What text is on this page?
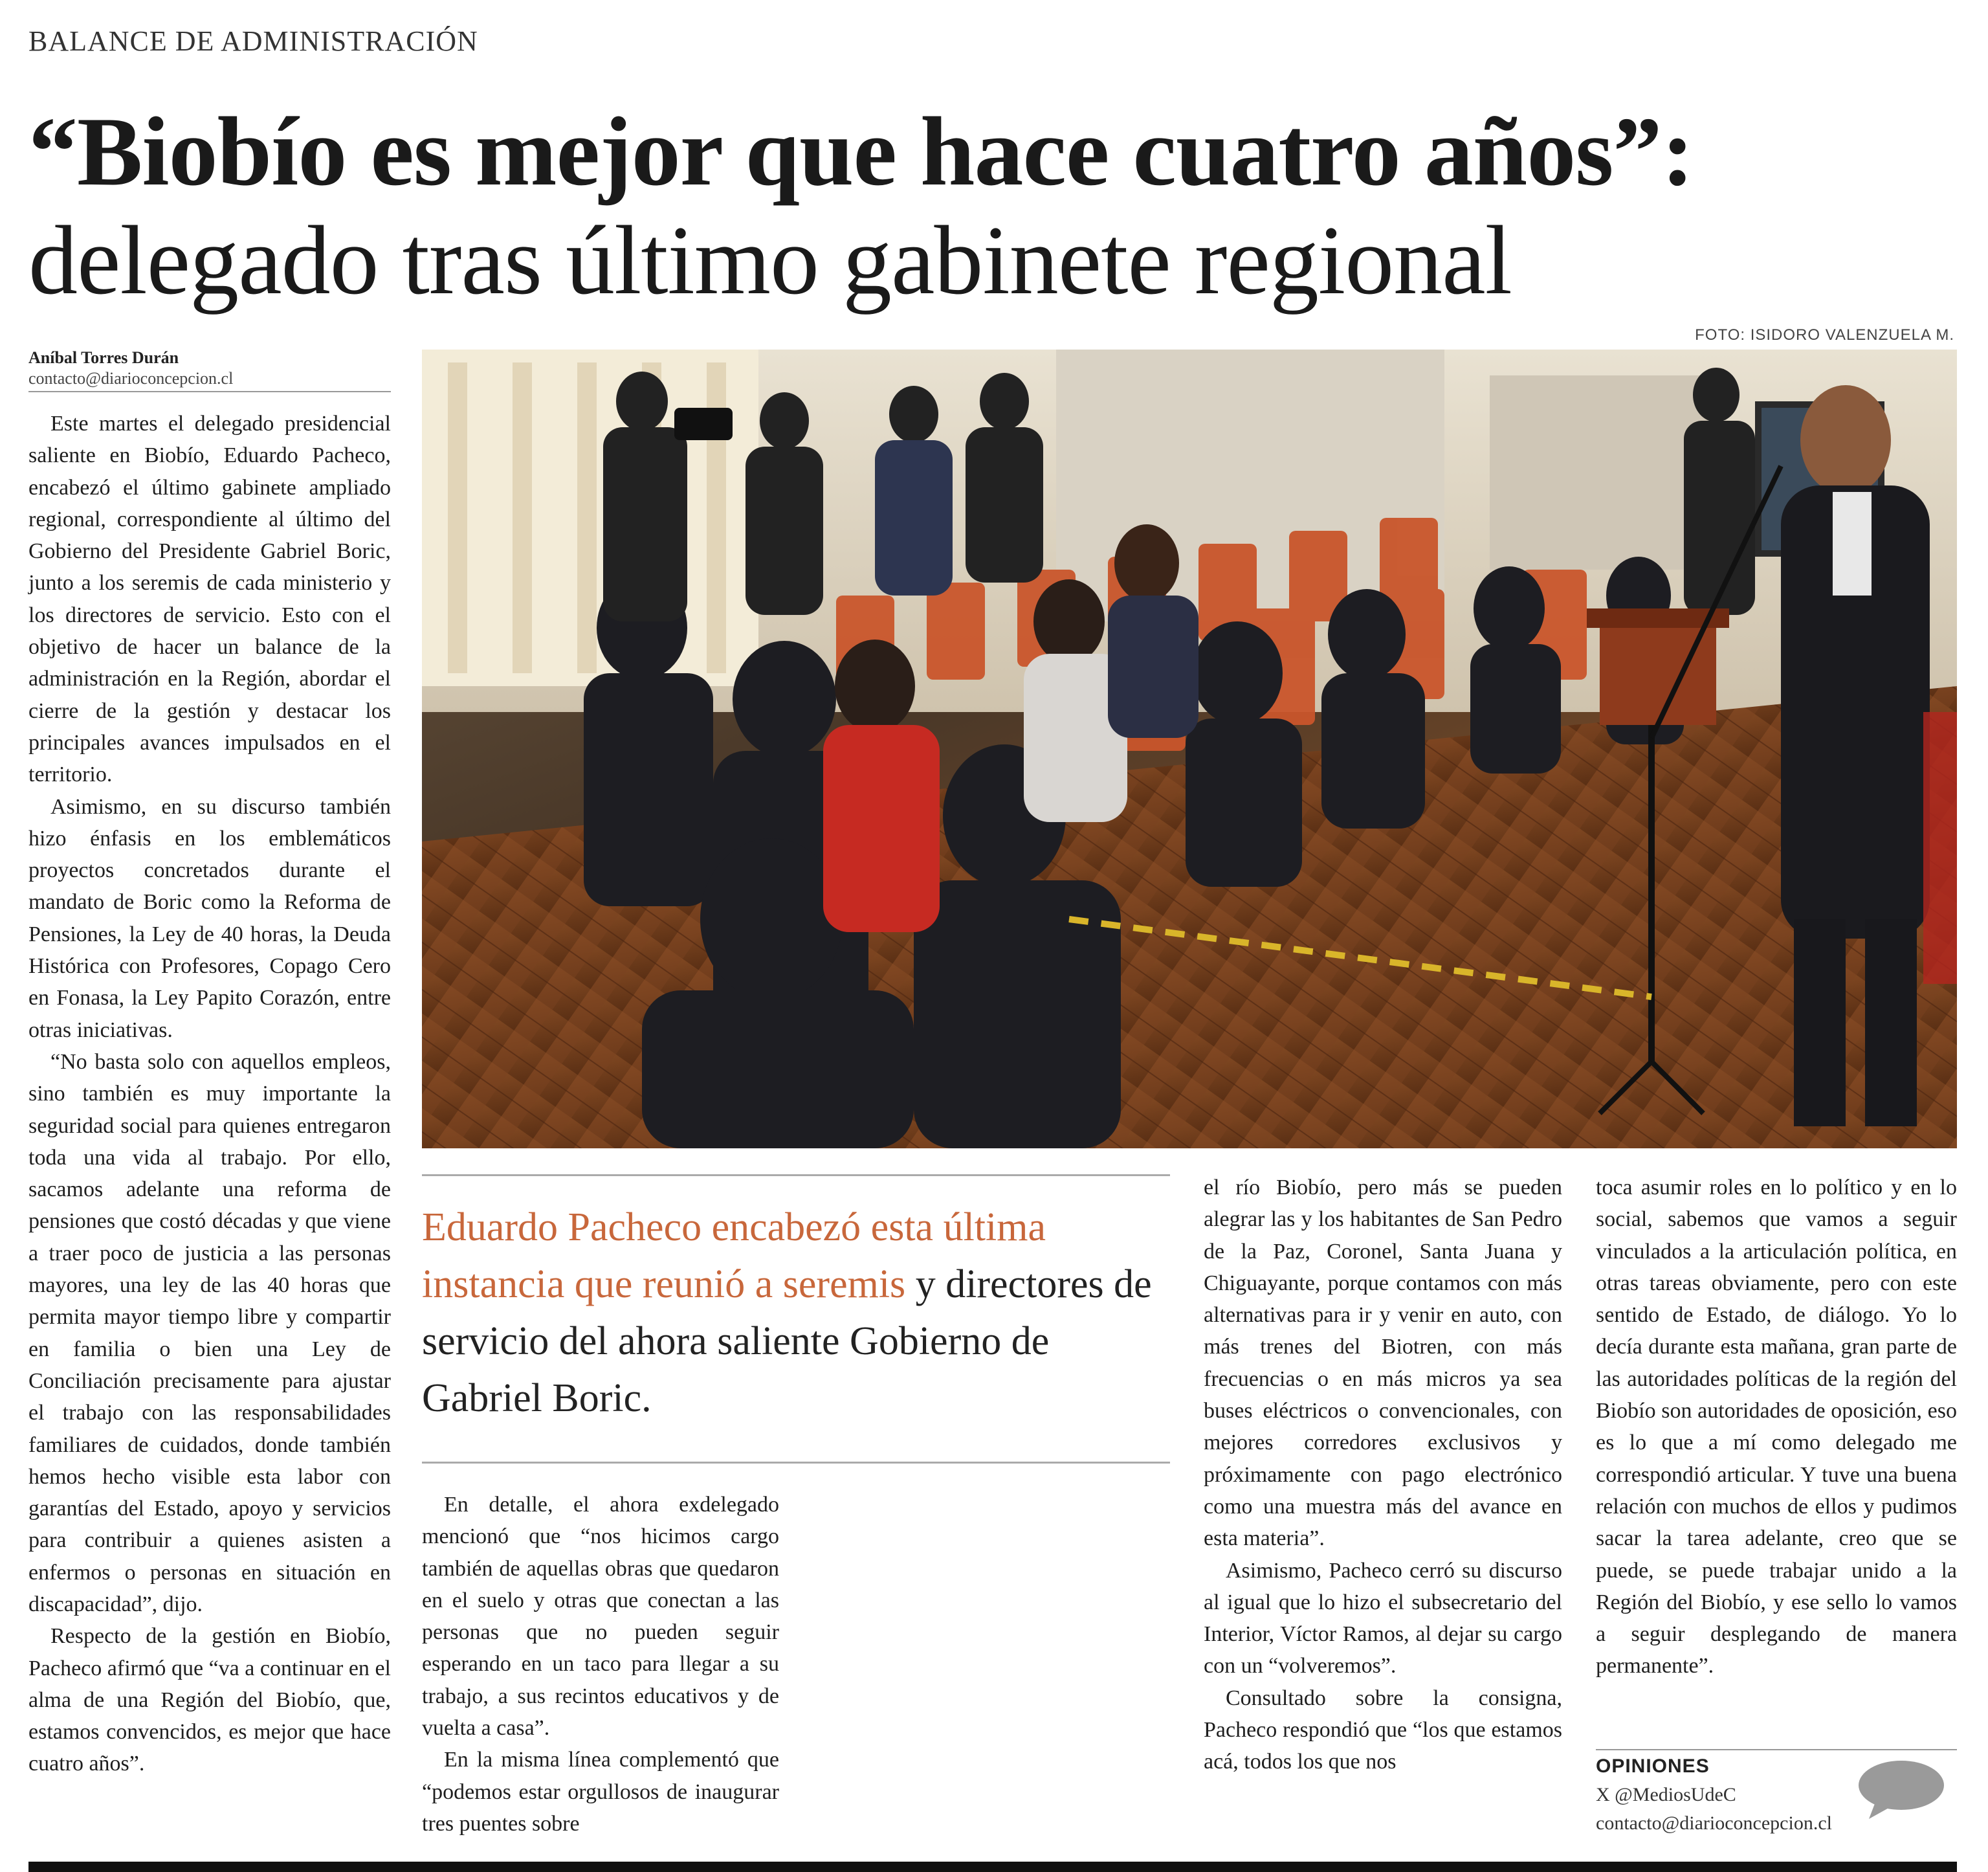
BALANCE DE ADMINISTRACIÓN
“Biobío es mejor que hace cuatro años”:
delegado tras último gabinete regional
Aníbal Torres Durán
contacto@diarioconcepcion.cl
FOTO: ISIDORO VALENZUELA M.

Este martes el delegado presidencial saliente en Biobío, Eduardo Pacheco, encabezó el último gabinete ampliado regional, correspondiente al último del Gobierno del Presidente Gabriel Boric, junto a los seremis de cada ministerio y los directores de servicio. Esto con el objetivo de hacer un balance de la administración en la Región, abordar el cierre de la gestión y destacar los principales avances impulsados en el territorio.

Asimismo, en su discurso también hizo énfasis en los emblemáticos proyectos concretados durante el mandato de Boric como la Reforma de Pensiones, la Ley de 40 horas, la Deuda Histórica con Profesores, Copago Cero en Fonasa, la Ley Papito Corazón, entre otras iniciativas.

“No basta solo con aquellos empleos, sino también es muy importante la seguridad social para quienes entregaron toda una vida al trabajo. Por ello, sacamos adelante una reforma de pensiones que costó décadas y que viene a traer poco de justicia a las personas mayores, una ley de las 40 horas que permita mayor tiempo libre y compartir en familia o bien una Ley de Conciliación precisamente para ajustar el trabajo con las responsabilidades familiares de cuidados, donde también hemos hecho visible esta labor con garantías del Estado, apoyo y servicios para contribuir a quienes asisten a enfermos o personas en situación en discapacidad”, dijo.

Respecto de la gestión en Biobío, Pacheco afirmó que “va a continuar en el alma de una Región del Biobío, que, estamos convencidos, es mejor que hace cuatro años”.

Eduardo Pacheco encabezó esta última instancia que reunió a seremis y directores de servicio del ahora saliente Gobierno de Gabriel Boric.

En detalle, el ahora exdelegado mencionó que “nos hicimos cargo también de aquellas obras que quedaron en el suelo y otras que conectan a las personas que no pueden seguir esperando en un taco para llegar a su trabajo, a sus recintos educativos y de vuelta a casa”.

En la misma línea complementó que “podemos estar orgullosos de inaugurar tres puentes sobre

el río Biobío, pero más se pueden alegrar las y los habitantes de San Pedro de la Paz, Coronel, Santa Juana y Chiguayante, porque contamos con más alternativas para ir y venir en auto, con más trenes del Biotren, con más frecuencias o en más micros ya sea buses eléctricos o convencionales, con mejores corredores exclusivos y próximamente con pago electrónico como una muestra más del avance en esta materia”.

Asimismo, Pacheco cerró su discurso al igual que lo hizo el subsecretario del Interior, Víctor Ramos, al dejar su cargo con un “volveremos”.

Consultado sobre la consigna, Pacheco respondió que “los que estamos acá, todos los que nos

toca asumir roles en lo político y en lo social, sabemos que vamos a seguir vinculados a la articulación política, en otras tareas obviamente, pero con este sentido de Estado, de diálogo. Yo lo decía durante esta mañana, gran parte de las autoridades políticas de la región del Biobío son autoridades de oposición, eso es lo que a mí como delegado me correspondió articular. Y tuve una buena relación con muchos de ellos y pudimos sacar la tarea adelante, creo que se puede, se puede trabajar unido a la Región del Biobío, y ese sello lo vamos a seguir desplegando de manera permanente”.

OPINIONES
X @MediosUdeC
contacto@diarioconcepcion.cl
